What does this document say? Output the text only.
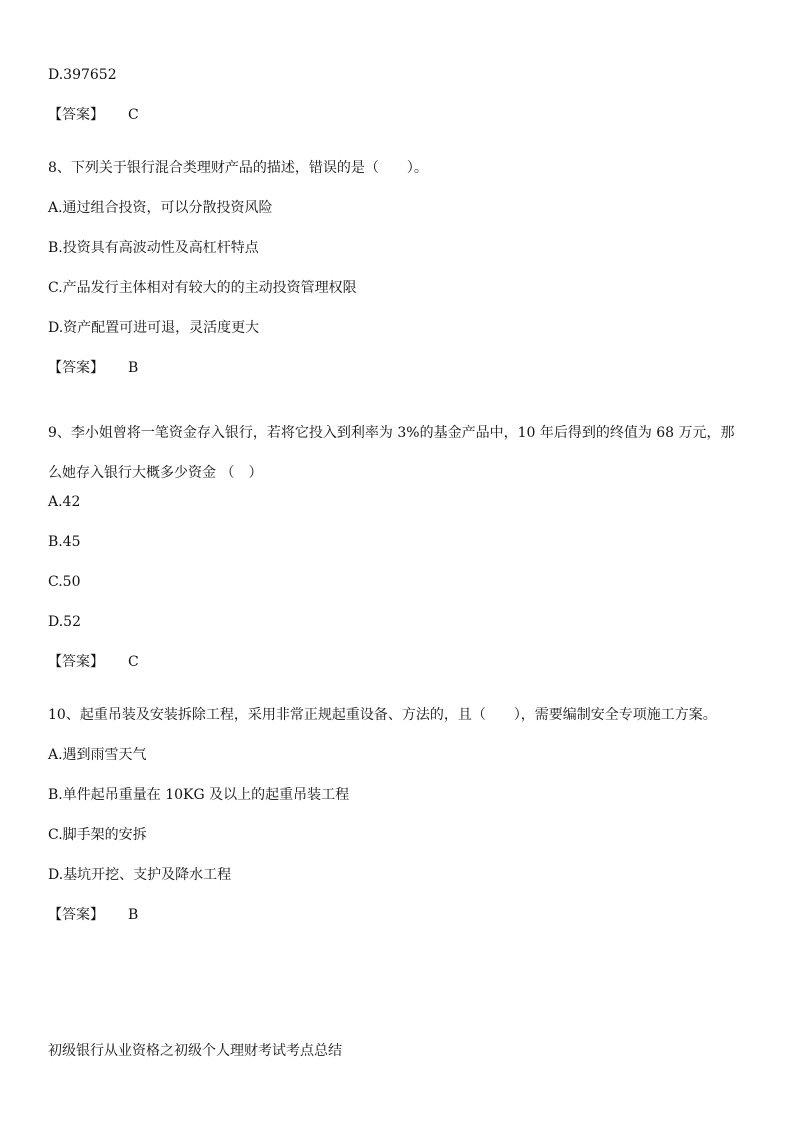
D.397652
【答案】 C
8、下列关于银行混合类理财产品的描述，错误的是（　　）。
A.通过组合投资，可以分散投资风险
B.投资具有高波动性及高杠杆特点
C.产品发行主体相对有较大的的主动投资管理权限
D.资产配置可进可退，灵活度更大
【答案】 B
9、李小姐曾将一笔资金存入银行，若将它投入到利率为 3%的基金产品中，10 年后得到的终值为 68 万元，那么她存入银行大概多少资金 （　）
A.42
B.45
C.50
D.52
【答案】 C
10、起重吊装及安装拆除工程，采用非常正规起重设备、方法的，且（　　），需要编制安全专项施工方案。
A.遇到雨雪天气
B.单件起吊重量在 10KG 及以上的起重吊装工程
C.脚手架的安拆
D.基坑开挖、支护及降水工程
【答案】 B
初级银行从业资格之初级个人理财考试考点总结
